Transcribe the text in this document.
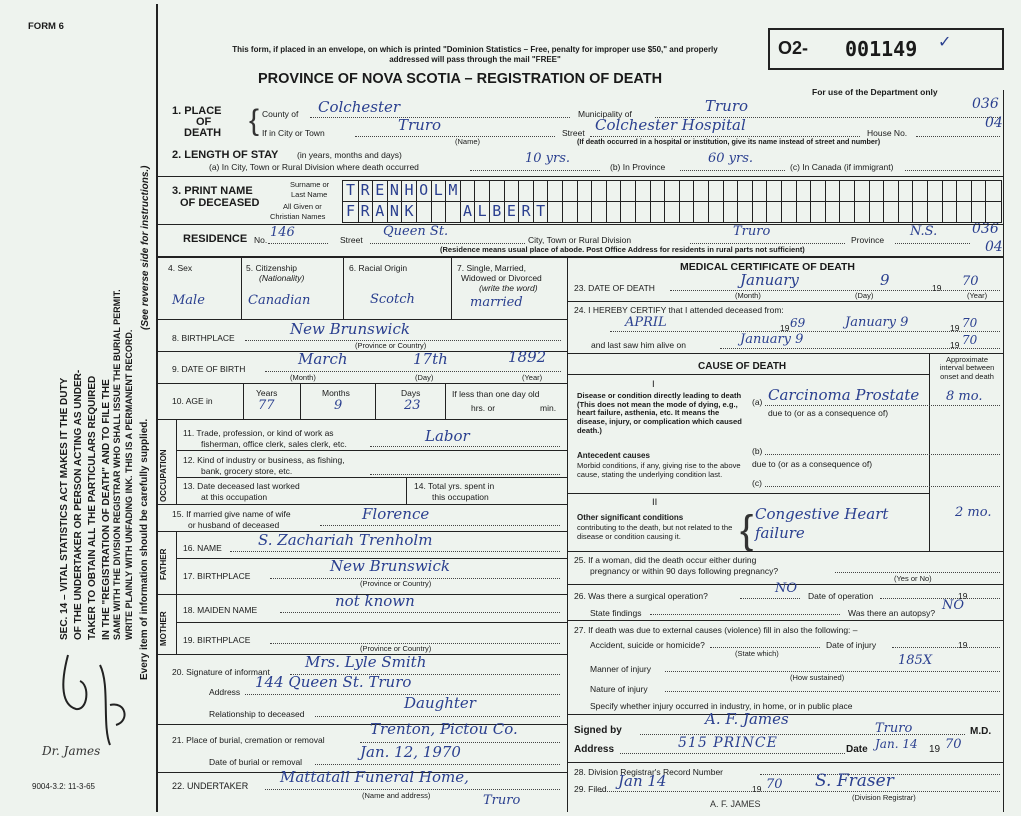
SEC. 14 – VITAL STATISTICS ACT MAKES IT THE DUTY OF THE UNDERTAKER OR PERSON ACTING AS UNDER- TAKER TO OBTAIN ALL THE PARTICULARS REQUIRED IN THE "REGISTRATION OF DEATH" AND TO FILE THE SAME WITH THE DIVISION REGISTRAR WHO SHALL ISSUE THE BURIAL PERMIT. WRITE PLAINLY WITH UNFADING INK. THIS IS A PERMANENT RECORD.
(See reverse side for instructions.)
Every item of information should be carefully supplied.
Dr. James
9004-3.2: 11-3-65
FORM 6
This form, if placed in an envelope, on which is printed "Dominion Statistics – Free, penalty for improper use $50," and properly addressed will pass through the mail "FREE"
PROVINCE OF NOVA SCOTIA – REGISTRATION OF DEATH
O2- 001149 ✓
For use of the Department only
036
04
036
04
1. PLACE
OF
DEATH { County of Colchester	Municipality of	Truro
If in City or Town	Truro
(Name)
Street Colchester Hospital	House No.
(If death occurred in a hospital or institution, give its name instead of street and number)
2. LENGTH OF STAY (in years, months and days)
(a) In City, Town or Rural Division where death occurred
10 yrs.
(b) In Province
60 yrs.
(c) In Canada (if immigrant)
3. PRINT NAME
OF DECEASED
Surname or
Last Name
All Given or
Christian Names
TRENHOLM
FRANK	ALBERT
RESIDENCE No. 146	Street
Queen St.
City, Town or Rural Division
Truro
Province
N.S.
(Residence means usual place of abode. Post Office Address for residents in rural parts not sufficient)
4. Sex
Male
5. Citizenship
(Nationality)
Canadian
6. Racial Origin
Scotch
7. Single, Married,
Widowed or Divorced
(write the word)
married
8. BIRTHPLACE	New Brunswick
(Province or Country)
9. DATE OF BIRTH
March	17th	1892
(Month)	(Day)	(Year)
10. AGE in
Years	Months	Days
77	9	23
If less than one day old
hrs. or	min.
OCCUPATION
11. Trade, profession, or kind of work as
fisherman, office clerk, sales clerk, etc.	Labor
12. Kind of industry or business, as fishing,
bank, grocery store, etc.
13. Date deceased last worked
at this occupation
14. Total yrs. spent in
this occupation
15. If married give name of wife
or husband of deceased
Florence
FATHER
16. NAME S. Zachariah Trenholm
17. BIRTHPLACE
New Brunswick
(Province or Country)
MOTHER
18. MAIDEN NAME	not known
19. BIRTHPLACE
(Province or Country)
20. Signature of informant
Mrs. Lyle Smith
Address
144 Queen St. Truro
Relationship to deceased
Daughter
21. Place of burial, cremation or removal
Trenton, Pictou Co.
Date of burial or removal
Jan. 12, 1970
22. UNDERTAKER Mattatall Funeral Home,
(Name and address)	Truro
MEDICAL CERTIFICATE OF DEATH
23. DATE OF DEATH	January	9	19 70
(Month)	(Day)	(Year)
24. I HEREBY CERTIFY that I attended deceased from:
APRIL	19 69	January 9	19 70
and last saw him alive on	January 9	19 70
CAUSE OF DEATH
Approximate interval between onset and death
I
Disease or condition directly leading to death (This does not mean the mode of dying, e.g., heart failure, asthenia, etc. It means the disease, injury, or complication which caused death.)
(a) Carcinoma Prostate 8 mo.
due to (or as a consequence of)
Antecedent causes
Morbid conditions, if any, giving rise to the above cause, stating the underlying condition last.
(b)
due to (or as a consequence of)
(c)
II
Other significant conditions
contributing to the death, but not related to the disease or condition causing it.	{ Congestive Heart failure
2 mo.
25. If a woman, did the death occur either during
pregnancy or within 90 days following pregnancy?
(Yes or No)
26. Was there a surgical operation?	NO Date of operation	19
State findings	Was there an autopsy? NO
27. If death was due to external causes (violence) fill in also the following: –
Accident, suicide or homicide?	Date of injury	19
(State which)
Manner of injury
185X
(How sustained)
Nature of injury
Specify whether injury occurred in industry, in home, or in public place
Signed by
A. F. James
Truro	M.D.
Address	515 PRINCE	Date Jan. 14 19 70
28. Division Registrar's Record Number
29. Filed Jan 14	19 70 S. Fraser
(Division Registrar)
A. F. JAMES
